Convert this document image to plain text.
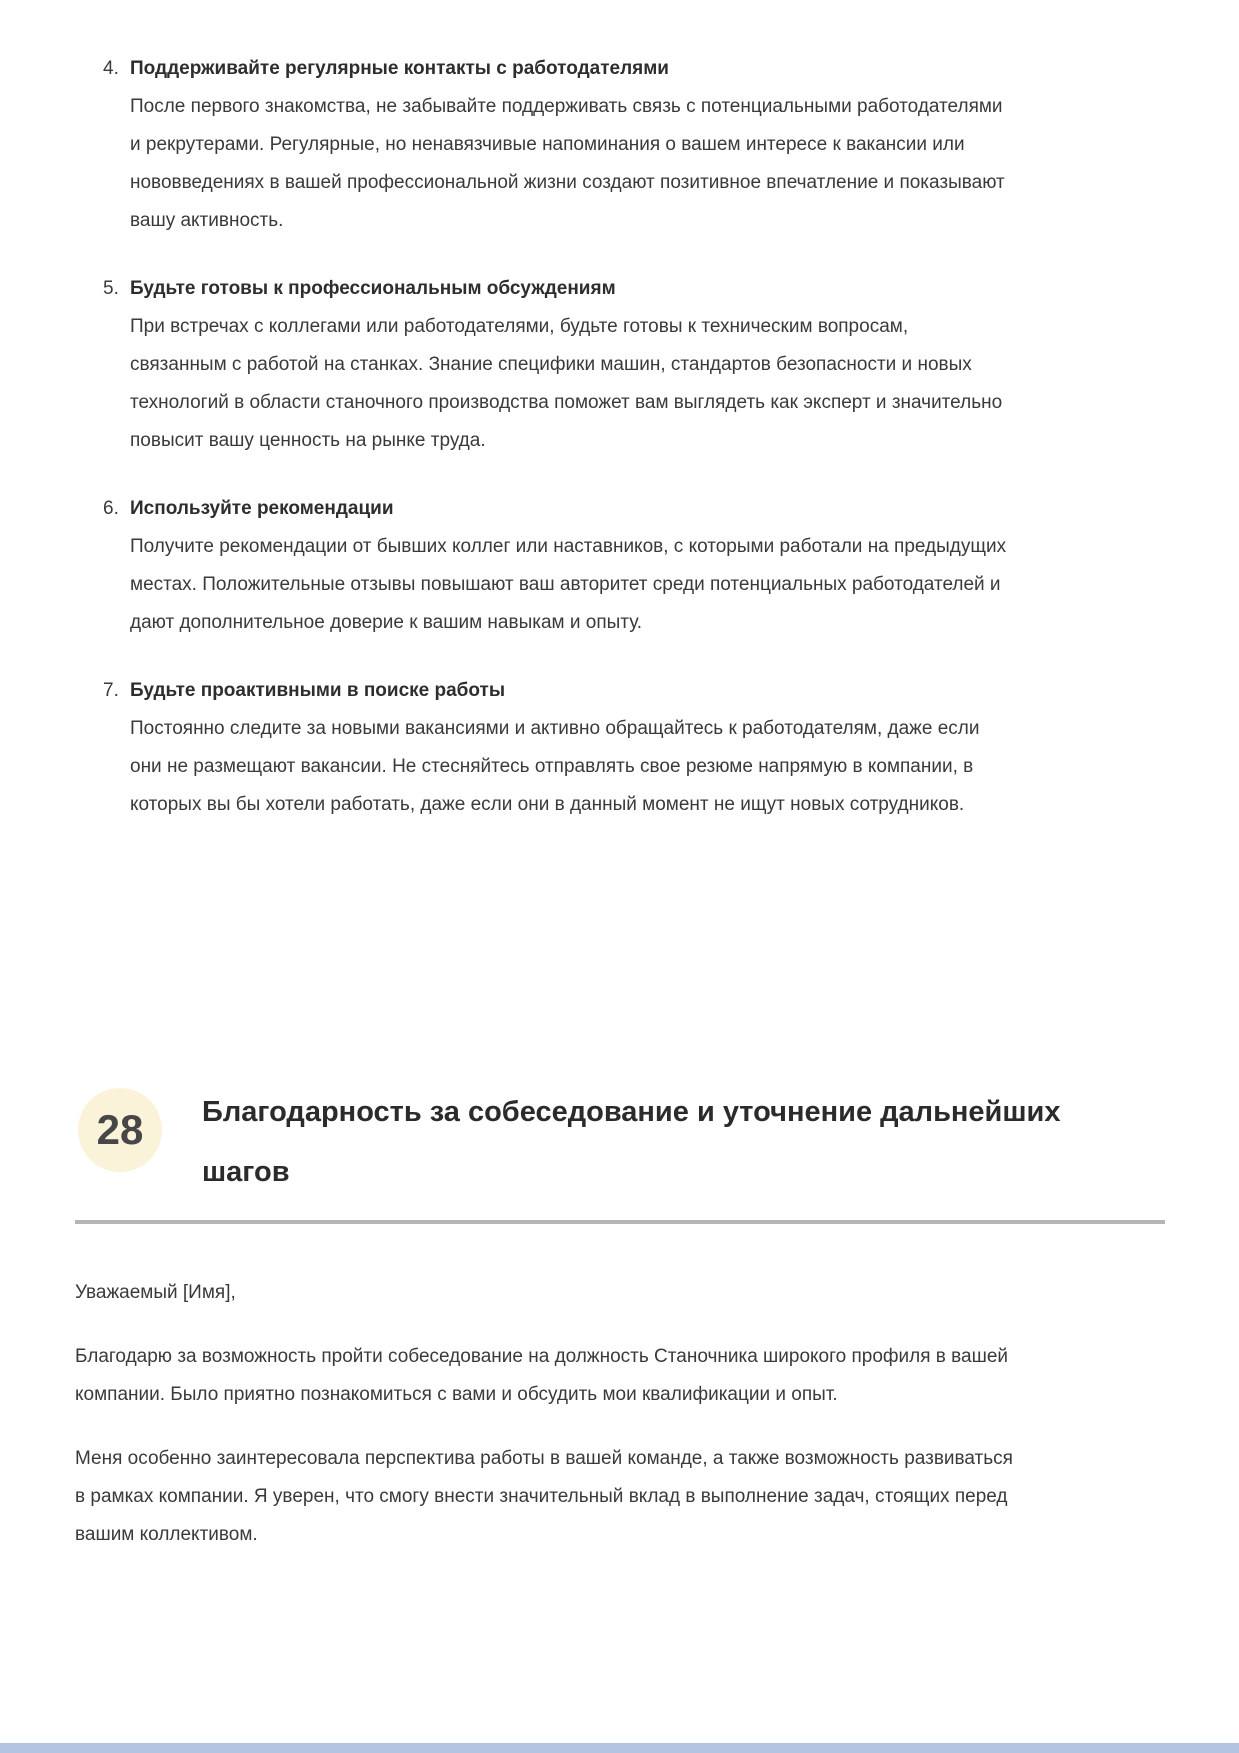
4. Поддерживайте регулярные контакты с работодателями

После первого знакомства, не забывайте поддерживать связь с потенциальными работодателями и рекрутерами. Регулярные, но ненавязчивые напоминания о вашем интересе к вакансии или нововведениях в вашей профессиональной жизни создают позитивное впечатление и показывают вашу активность.

5. Будьте готовы к профессиональным обсуждениям

При встречах с коллегами или работодателями, будьте готовы к техническим вопросам, связанным с работой на станках. Знание специфики машин, стандартов безопасности и новых технологий в области станочного производства поможет вам выглядеть как эксперт и значительно повысит вашу ценность на рынке труда.

6. Используйте рекомендации

Получите рекомендации от бывших коллег или наставников, с которыми работали на предыдущих местах. Положительные отзывы повышают ваш авторитет среди потенциальных работодателей и дают дополнительное доверие к вашим навыкам и опыту.

7. Будьте проактивными в поиске работы

Постоянно следите за новыми вакансиями и активно обращайтесь к работодателям, даже если они не размещают вакансии. Не стесняйтесь отправлять свое резюме напрямую в компании, в которых вы бы хотели работать, даже если они в данный момент не ищут новых сотрудников.

28 Благодарность за собеседование и уточнение дальнейших шагов

Уважаемый [Имя],

Благодарю за возможность пройти собеседование на должность Станочника широкого профиля в вашей компании. Было приятно познакомиться с вами и обсудить мои квалификации и опыт.

Меня особенно заинтересовала перспектива работы в вашей команде, а также возможность развиваться в рамках компании. Я уверен, что смогу внести значительный вклад в выполнение задач, стоящих перед вашим коллективом.
